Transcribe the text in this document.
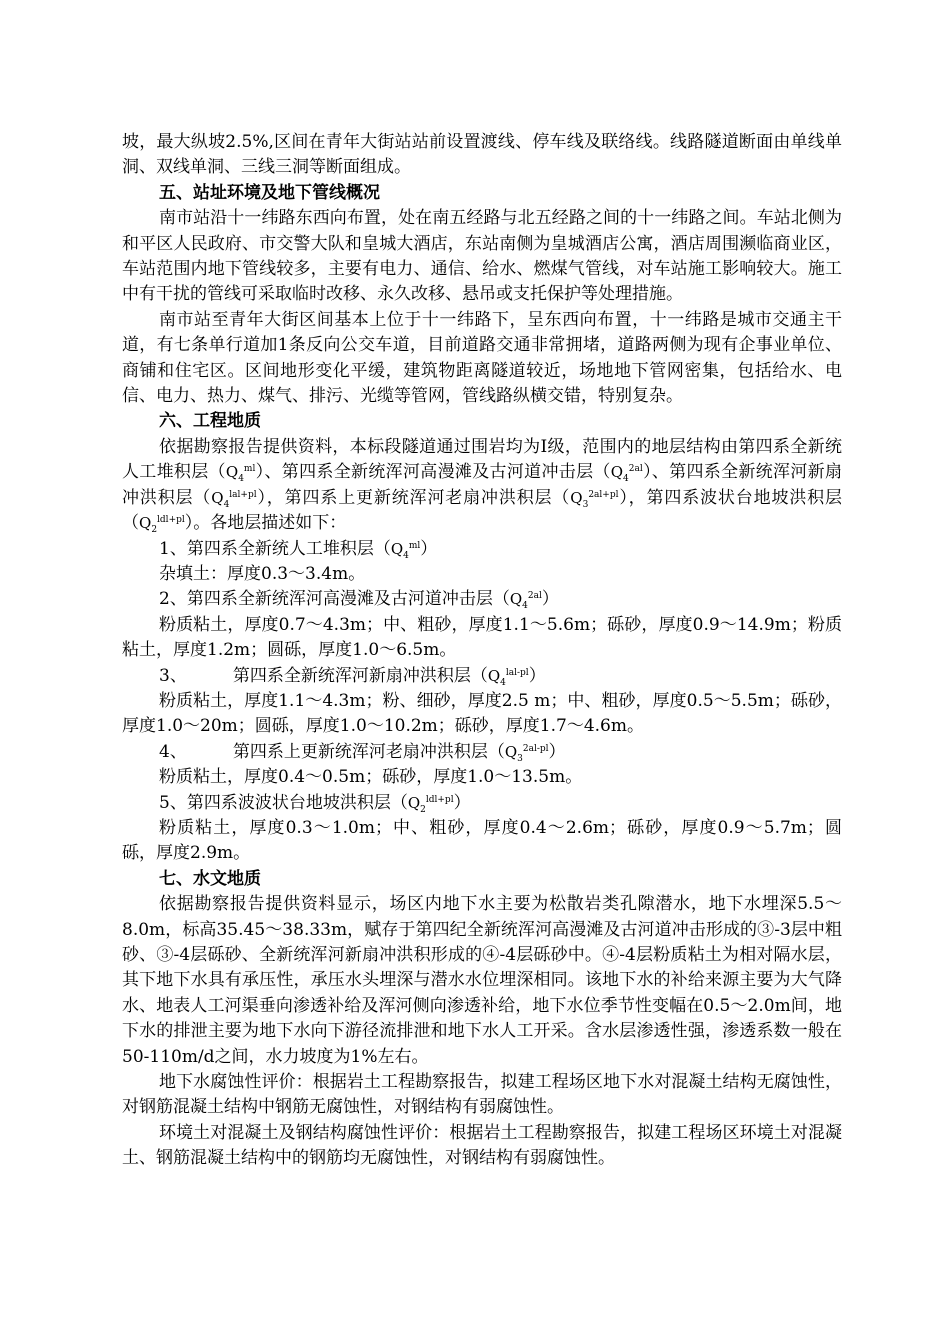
坡，最大纵坡2.5%,区间在青年大街站站前设置渡线、停车线及联络线。线路隧道断面由单线单洞、双线单洞、三线三洞等断面组成。

五、站址环境及地下管线概况

南市站沿十一纬路东西向布置，处在南五经路与北五经路之间的十一纬路之间。车站北侧为和平区人民政府、市交警大队和皇城大酒店，东站南侧为皇城酒店公寓，酒店周围濒临商业区，车站范围内地下管线较多，主要有电力、通信、给水、燃煤气管线，对车站施工影响较大。施工中有干扰的管线可采取临时改移、永久改移、悬吊或支托保护等处理措施。

南市站至青年大街区间基本上位于十一纬路下，呈东西向布置，十一纬路是城市交通主干道，有七条单行道加1条反向公交车道，目前道路交通非常拥堵，道路两侧为现有企事业单位、商铺和住宅区。区间地形变化平缓，建筑物距离隧道较近，场地地下管网密集，包括给水、电信、电力、热力、煤气、排污、光缆等管网，管线路纵横交错，特别复杂。

六、工程地质

依据勘察报告提供资料，本标段隧道通过围岩均为Ⅰ级，范围内的地层结构由第四系全新统人工堆积层$(Q_4^{ml})$、第四系全新统浑河高漫滩及古河道冲击层$(Q_4^{2al})$、第四系全新统浑河新扇冲洪积层$(Q_4^{lal+pl})$，第四系上更新统浑河老扇冲洪积层$(Q_3^{2al+pl})$，第四系波状台地坡洪积层$(Q_2^{ldl+pl})$。各地层描述如下：

1、第四系全新统人工堆积层$(Q_4^{ml})$

杂填土：厚度0.3～3.4m。

2、第四系全新统浑河高漫滩及古河道冲击层$(Q_4^{2al})$

粉质粘土，厚度0.7～4.3m；中、粗砂，厚度1.1～5.6m；砾砂，厚度0.9～14.9m；粉质粘土，厚度1.2m；圆砾，厚度1.0～6.5m。

3、	第四系全新统浑河新扇冲洪积层$(Q_4^{lal-pl})$

粉质粘土，厚度1.1～4.3m；粉、细砂，厚度2.5 m；中、粗砂，厚度0.5～5.5m；砾砂，厚度1.0～20m；圆砾，厚度1.0～10.2m；砾砂，厚度1.7～4.6m。

4、	第四系上更新统浑河老扇冲洪积层$(Q_3^{2al-pl})$

粉质粘土，厚度0.4～0.5m；砾砂，厚度1.0～13.5m。

5、第四系波波状台地坡洪积层$(Q_2^{ldl+pl})$

粉质粘土，厚度0.3～1.0m；中、粗砂，厚度0.4～2.6m；砾砂，厚度0.9～5.7m；圆砾，厚度2.9m。

七、水文地质

依据勘察报告提供资料显示，场区内地下水主要为松散岩类孔隙潜水，地下水埋深5.5～8.0m，标高35.45～38.33m，赋存于第四纪全新统浑河高漫滩及古河道冲击形成的③-3层中粗砂、③-4层砾砂、全新统浑河新扇冲洪积形成的④-4层砾砂中。④-4层粉质粘土为相对隔水层，其下地下水具有承压性，承压水头埋深与潜水水位埋深相同。该地下水的补给来源主要为大气降水、地表人工河渠垂向渗透补给及浑河侧向渗透补给，地下水位季节性变幅在0.5～2.0m间，地下水的排泄主要为地下水向下游径流排泄和地下水人工开采。含水层渗透性强，渗透系数一般在50-110m/d之间，水力坡度为1%左右。

地下水腐蚀性评价：根据岩土工程勘察报告，拟建工程场区地下水对混凝土结构无腐蚀性，对钢筋混凝土结构中钢筋无腐蚀性，对钢结构有弱腐蚀性。

环境土对混凝土及钢结构腐蚀性评价：根据岩土工程勘察报告，拟建工程场区环境土对混凝土、钢筋混凝土结构中的钢筋均无腐蚀性，对钢结构有弱腐蚀性。
